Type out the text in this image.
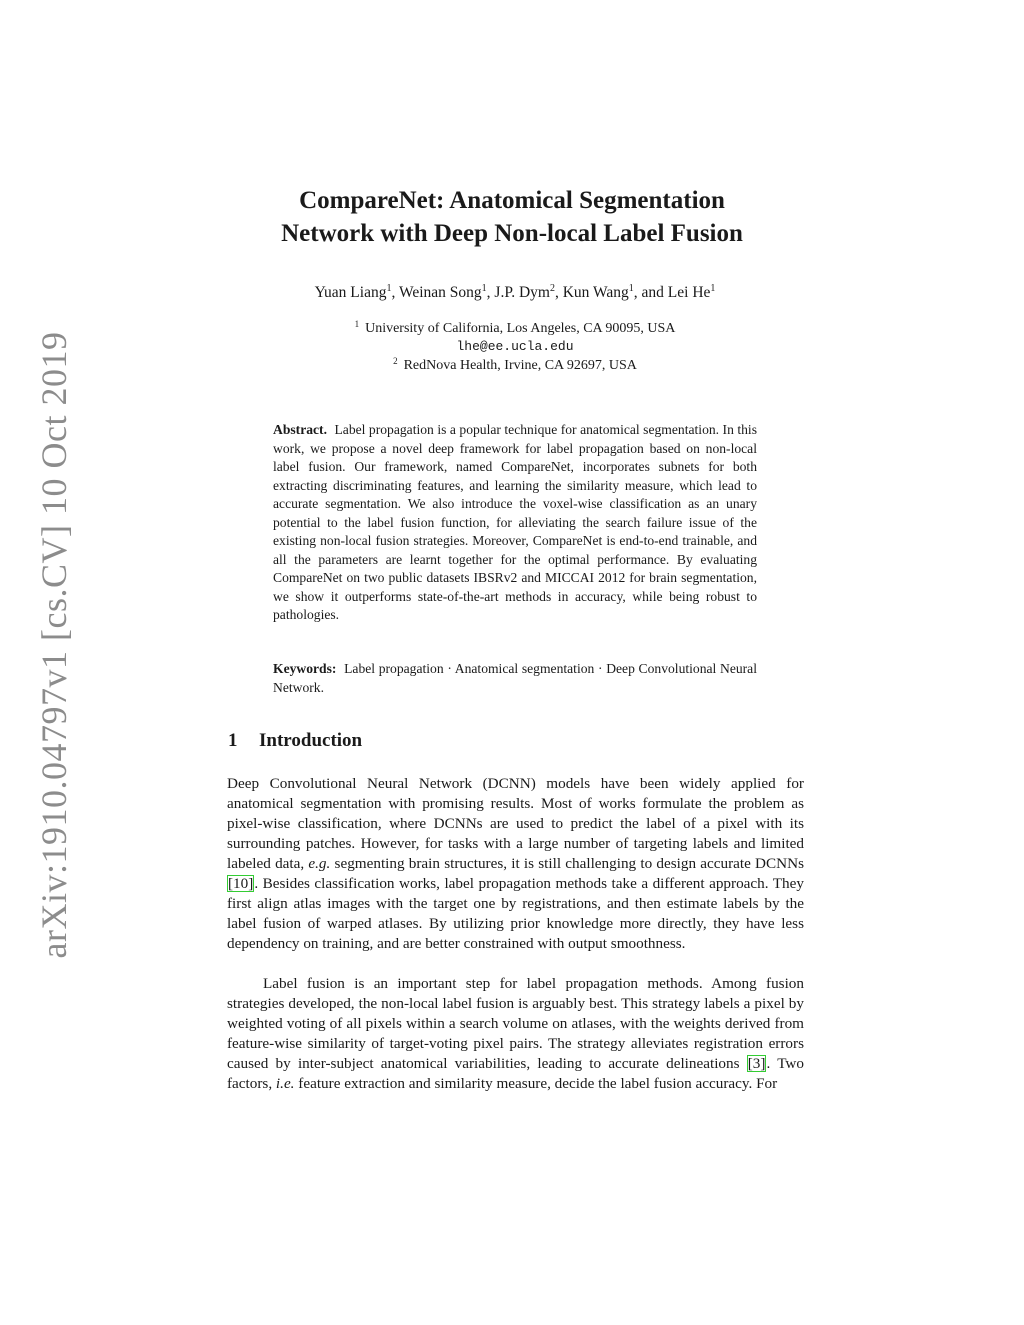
arXiv:1910.04797v1 [cs.CV] 10 Oct 2019
CompareNet: Anatomical Segmentation
Network with Deep Non-local Label Fusion
Yuan Liang$^1$, Weinan Song$^1$, J.P. Dym$^2$, Kun Wang$^1$, and Lei He$^1$
$^1$ University of California, Los Angeles, CA 90095, USA
lhe@ee.ucla.edu
$^2$ RedNova Health, Irvine, CA 92697, USA

Abstract. Label propagation is a popular technique for anatomical segmentation. In this work, we propose a novel deep framework for label propagation based on non-local label fusion. Our framework, named CompareNet, incorporates subnets for both extracting discriminating features, and learning the similarity measure, which lead to accurate segmentation. We also introduce the voxel-wise classification as an unary potential to the label fusion function, for alleviating the search failure issue of the existing non-local fusion strategies. Moreover, CompareNet is end-to-end trainable, and all the parameters are learnt together for the optimal performance. By evaluating CompareNet on two public datasets IBSRv2 and MICCAI 2012 for brain segmentation, we show it outperforms state-of-the-art methods in accuracy, while being robust to pathologies.

Keywords: Label propagation · Anatomical segmentation · Deep Convolutional Neural Network.

1 Introduction

Deep Convolutional Neural Network (DCNN) models have been widely applied for anatomical segmentation with promising results. Most of works formulate the problem as pixel-wise classification, where DCNNs are used to predict the label of a pixel with its surrounding patches. However, for tasks with a large number of targeting labels and limited labeled data, e.g. segmenting brain structures, it is still challenging to design accurate DCNNs [10]. Besides classification works, label propagation methods take a different approach. They first align atlas images with the target one by registrations, and then estimate labels by the label fusion of warped atlases. By utilizing prior knowledge more directly, they have less dependency on training, and are better constrained with output smoothness.

Label fusion is an important step for label propagation methods. Among fusion strategies developed, the non-local label fusion is arguably best. This strategy labels a pixel by weighted voting of all pixels within a search volume on atlases, with the weights derived from feature-wise similarity of target-voting pixel pairs. The strategy alleviates registration errors caused by inter-subject anatomical variabilities, leading to accurate delineations [3]. Two factors, i.e. feature extraction and similarity measure, decide the label fusion accuracy. For
